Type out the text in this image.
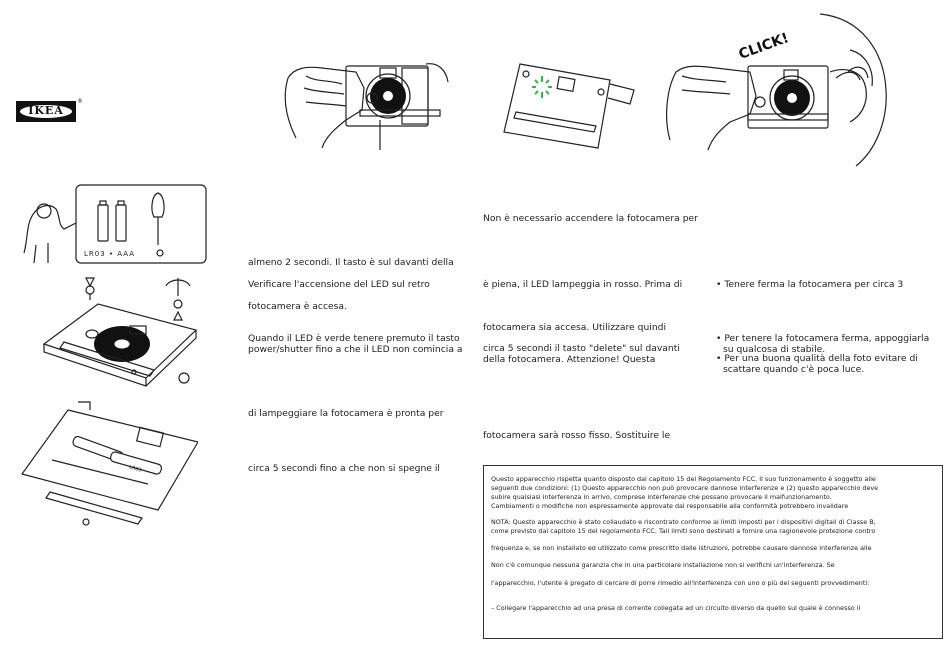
IKEA
®
CLICK!
LR03 • AAA
LR03
almeno 2 secondi. Il tasto è sul davanti della
Verificare l'accensione del LED sul retro
fotocamera è accesa.
Quando il LED è verde tenere premuto il tasto
power/shutter fino a che il LED non comincia a
di lampeggiare la fotocamera è pronta per
circa 5 secondi fino a che non si spegne il
Non è necessario accendere la fotocamera per
è piena, il LED lampeggia in rosso. Prima di
fotocamera sia accesa. Utilizzare quindi
circa 5 secondi il tasto "delete" sul davanti
della fotocamera. Attenzione! Questa
fotocamera sarà rosso fisso. Sostituire le
• Tenere ferma la fotocamera per circa 3
• Per tenere la fotocamera ferma, appoggiarla
su qualcosa di stabile.
• Per una buona qualità della foto evitare di
scattare quando c'è poca luce.
Questo apparecchio rispetta quanto disposto dal capitolo 15 del Regolamento FCC. Il suo funzionamento è soggetto alle
seguenti due condizioni: (1) Questo apparecchio non può provocare dannose interferenze e (2) questo apparecchio deve
subire qualsiasi interferenza in arrivo, comprese interferenze che possano provocare il malfunzionamento.
Cambiamenti o modifiche non espressamente approvate dal responsabile alla conformità potrebbero invalidare
NOTA: Questo apparecchio è stato collaudato e riscontrato conforme ai limiti imposti per i dispositivi digitali di Classe B,
come previsto dal capitolo 15 del regolamento FCC. Tali limiti sono destinati a fornire una ragionevole protezione contro
frequenza e, se non installato ed utilizzato come prescritto dalle istruzioni, potrebbe causare dannose interferenze alle
Non c'è comunque nessuna garanzia che in una particolare installazione non si verifichi un'interferenza. Se
l'apparecchio, l'utente è pregato di cercare di porre rimedio all'interferenza con uno o più dei seguenti provvedimenti:
– Collegare l'apparecchio ad una presa di corrente collegata ad un circuito diverso da quello sul quale è connesso il
